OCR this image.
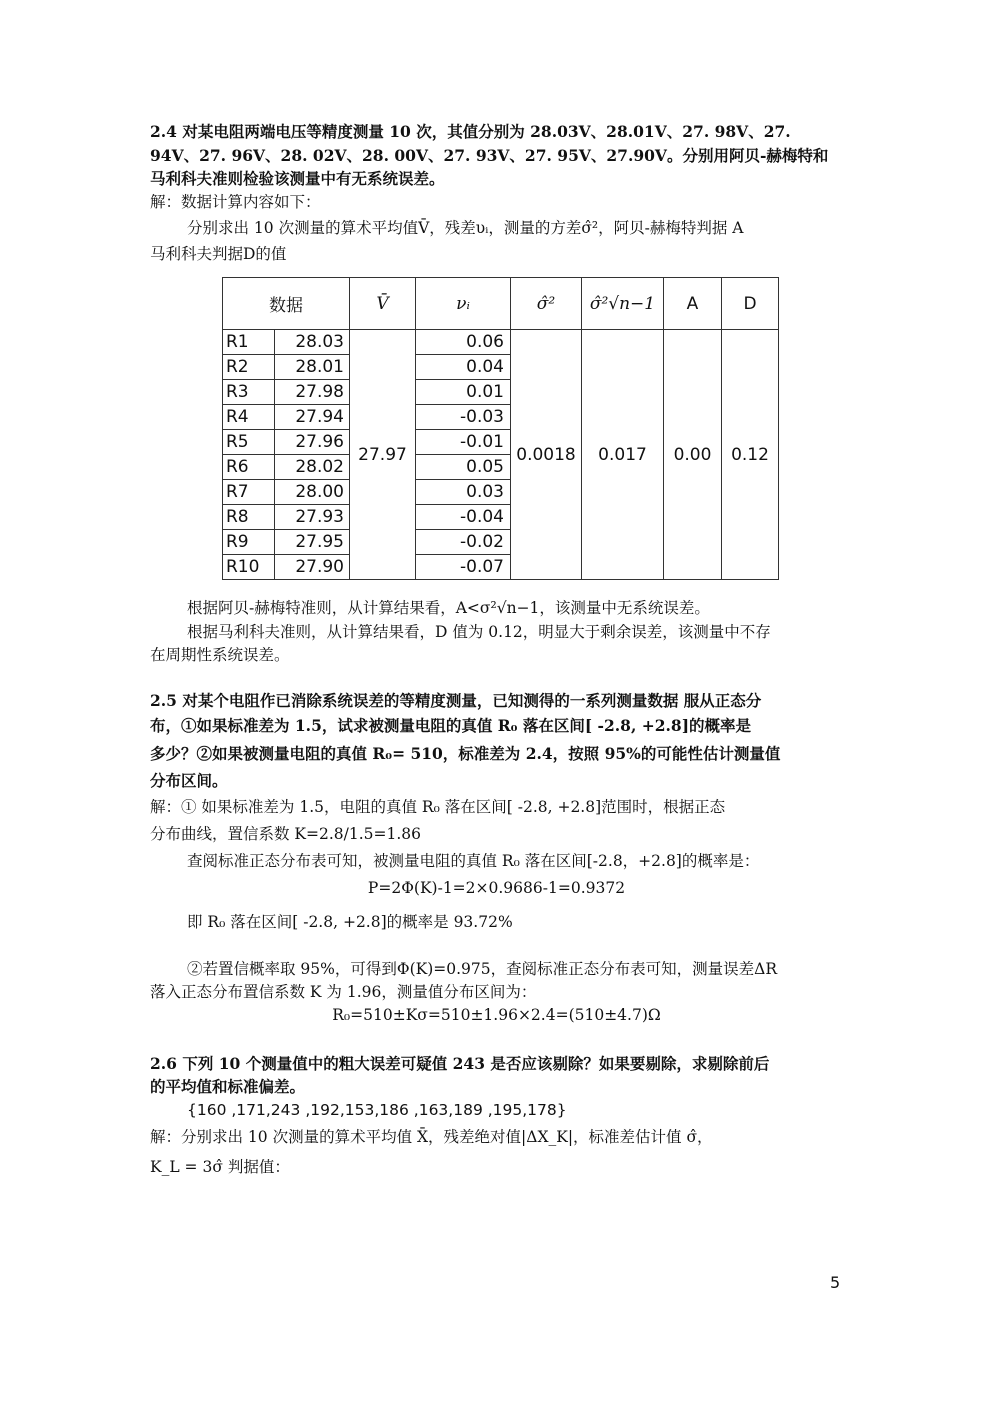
2.4 对某电阻两端电压等精度测量 10 次，其值分别为 28.03V、28.01V、27. 98V、27.
94V、27. 96V、28. 02V、28. 00V、27. 93V、27. 95V、27.90V。分别用阿贝-赫梅特和
马利科夫准则检验该测量中有无系统误差。
解：数据计算内容如下：
分别求出 10 次测量的算术平均值V̄，残差υᵢ，测量的方差σ̂²，阿贝-赫梅特判据 A
马利科夫判据D的值
数据		V̄	νᵢ	σ̂²	σ̂²√n−1	A	D
R1	28.03	27.97	0.06	0.0018	0.017	0.00	0.12
R2	28.01		0.04				
R3	27.98		0.01				
R4	27.94		-0.03				
R5	27.96		-0.01				
R6	28.02		0.05				
R7	28.00		0.03				
R8	27.93		-0.04				
R9	27.95		-0.02				
R10	27.90		-0.07				
根据阿贝-赫梅特准则，从计算结果看，A<σ²√n−1，该测量中无系统误差。
根据马利科夫准则，从计算结果看，D 值为 0.12，明显大于剩余误差，该测量中不存
在周期性系统误差。
2.5 对某个电阻作已消除系统误差的等精度测量，已知测得的一系列测量数据 服从正态分
布，①如果标准差为 1.5，试求被测量电阻的真值 R₀ 落在区间[ -2.8, +2.8]的概率是
多少？②如果被测量电阻的真值 R₀= 510，标准差为 2.4，按照 95%的可能性估计测量值
分布区间。
解：① 如果标准差为 1.5，电阻的真值 R₀ 落在区间[ -2.8, +2.8]范围时，根据正态
分布曲线，置信系数 K=2.8/1.5=1.86
查阅标准正态分布表可知，被测量电阻的真值 R₀ 落在区间[-2.8，+2.8]的概率是：
P=2Φ(K)-1=2×0.9686-1=0.9372
即 R₀ 落在区间[ -2.8, +2.8]的概率是 93.72%
②若置信概率取 95%，可得到Φ(K)=0.975，查阅标准正态分布表可知，测量误差ΔR
落入正态分布置信系数 K 为 1.96，测量值分布区间为：
R₀=510±Kσ=510±1.96×2.4=(510±4.7)Ω
2.6 下列 10 个测量值中的粗大误差可疑值 243 是否应该剔除？如果要剔除，求剔除前后
的平均值和标准偏差。
{160 ,171,243 ,192,153,186 ,163,189 ,195,178}
解：分别求出 10 次测量的算术平均值 X̄，残差绝对值|ΔX_K|，标准差估计值 σ̂，
K_L = 3σ̂ 判据值：
5
